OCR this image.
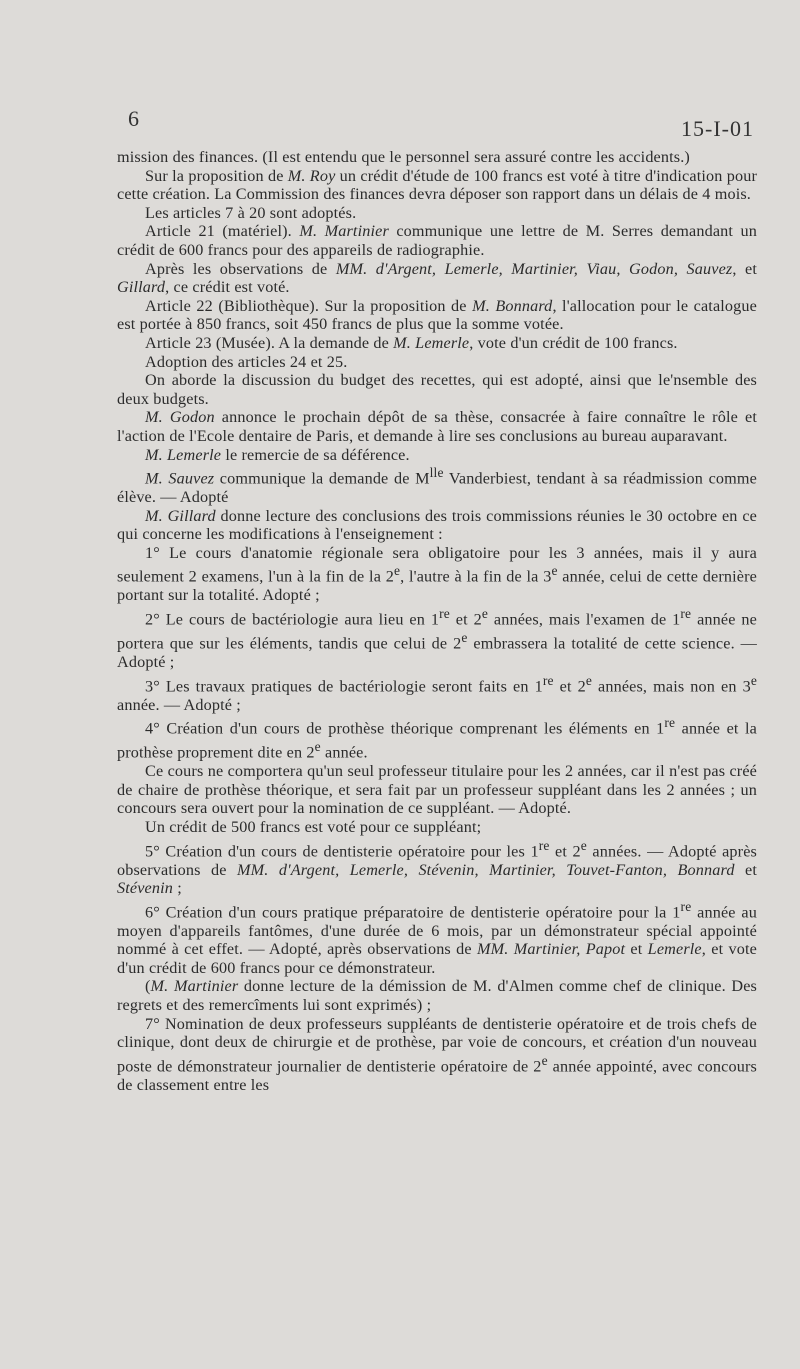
6	15-I-01

mission des finances. (Il est entendu que le personnel sera assuré contre les accidents.)

Sur la proposition de M. Roy un crédit d'étude de 100 francs est voté à titre d'indication pour cette création. La Commission des finances devra déposer son rapport dans un délais de 4 mois.

Les articles 7 à 20 sont adoptés.

Article 21 (matériel). M. Martinier communique une lettre de M. Serres demandant un crédit de 600 francs pour des appareils de radiographie.

Après les observations de MM. d'Argent, Lemerle, Martinier, Viau, Godon, Sauvez, et Gillard, ce crédit est voté.

Article 22 (Bibliothèque). Sur la proposition de M. Bonnard, l'allocation pour le catalogue est portée à 850 francs, soit 450 francs de plus que la somme votée.

Article 23 (Musée). A la demande de M. Lemerle, vote d'un crédit de 100 francs.

Adoption des articles 24 et 25.

On aborde la discussion du budget des recettes, qui est adopté, ainsi que le'nsemble des deux budgets.

M. Godon annonce le prochain dépôt de sa thèse, consacrée à faire connaître le rôle et l'action de l'Ecole dentaire de Paris, et demande à lire ses conclusions au bureau auparavant.

M. Lemerle le remercie de sa déférence.

M. Sauvez communique la demande de $M^{lle}$ Vanderbiest, tendant à sa réadmission comme élève. — Adopté

M. Gillard donne lecture des conclusions des trois commissions réunies le 30 octobre en ce qui concerne les modifications à l'enseignement :

1° Le cours d'anatomie régionale sera obligatoire pour les 3 années, mais il y aura seulement 2 examens, l'un à la fin de la 2e, l'autre à la fin de la 3e année, celui de cette dernière portant sur la totalité. Adopté ;

2° Le cours de bactériologie aura lieu en 1re et 2e années, mais l'examen de 1re année ne portera que sur les éléments, tandis que celui de 2e embrassera la totalité de cette science. — Adopté ;

3° Les travaux pratiques de bactériologie seront faits en 1re et 2e années, mais non en 3e année. — Adopté ;

4° Création d'un cours de prothèse théorique comprenant les éléments en 1re année et la prothèse proprement dite en 2e année.

Ce cours ne comportera qu'un seul professeur titulaire pour les 2 années, car il n'est pas créé de chaire de prothèse théorique, et sera fait par un professeur suppléant dans les 2 années ; un concours sera ouvert pour la nomination de ce suppléant. — Adopté.

Un crédit de 500 francs est voté pour ce suppléant;

5° Création d'un cours de dentisterie opératoire pour les 1re et 2e années. — Adopté après observations de MM. d'Argent, Lemerle, Stévenin, Martinier, Touvet-Fanton, Bonnard et Stévenin ;

6° Création d'un cours pratique préparatoire de dentisterie opératoire pour la 1re année au moyen d'appareils fantômes, d'une durée de 6 mois, par un démonstrateur spécial appointé nommé à cet effet. — Adopté, après observations de MM. Martinier, Papot et Lemerle, et vote d'un crédit de 600 francs pour ce démonstrateur.

(M. Martinier donne lecture de la démission de M. d'Almen comme chef de clinique. Des regrets et des remercîments lui sont exprimés) ;

7° Nomination de deux professeurs suppléants de dentisterie opératoire et de trois chefs de clinique, dont deux de chirurgie et de prothèse, par voie de concours, et création d'un nouveau poste de démonstrateur journalier de dentisterie opératoire de 2e année appointé, avec concours de classement entre les
